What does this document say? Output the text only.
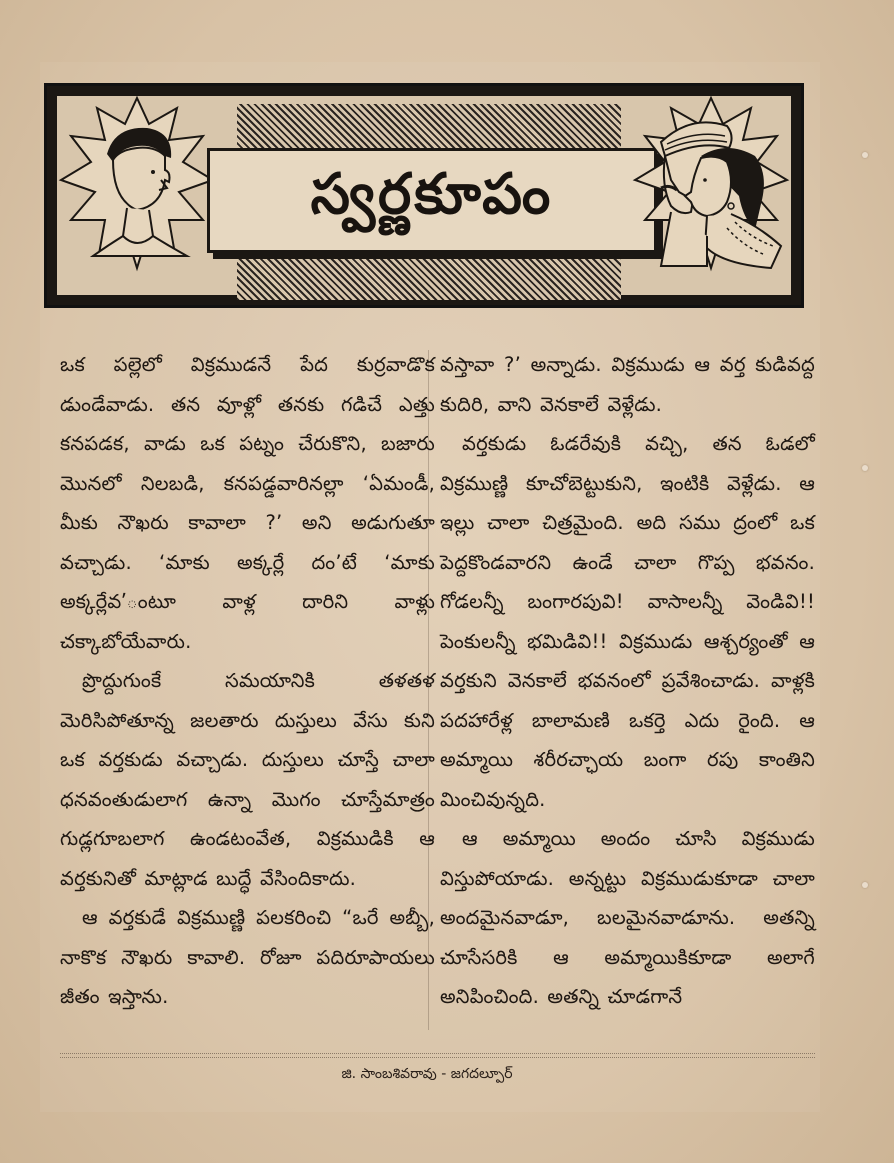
స్వర్ణకూపం

ఒక పల్లెలో విక్రముడనే పేద కుర్రవాడొక డుండేవాడు. తన వూళ్లో తనకు గడిచే ఎత్తు కనపడక, వాడు ఒక పట్నం చేరుకొని, బజారు మొనలో నిలబడి, కనపడ్డవారినల్లా ‘ఏమండీ, మీకు నౌఖరు కావాలా ?’ అని అడుగుతూ వచ్చాడు. ‘మాకు అక్కర్లే దం’టే ‘మాకు అక్కర్లేవ’ంటూ వాళ్ల దారిని వాళ్లు చక్కాబోయేవారు.

ప్రొద్దుగుంకే సమయానికి తళతళ మెరిసిపోతూన్న జలతారు దుస్తులు వేసు కుని ఒక వర్తకుడు వచ్చాడు. దుస్తులు చూస్తే చాలా ధనవంతుడులాగ ఉన్నా మొగం చూస్తేమాత్రం గుడ్లగూబలాగ ఉండటంవేత, విక్రముడికి ఆ వర్తకునితో మాట్లాడ బుద్ధే వేసిందికాదు.

ఆ వర్తకుడే విక్రముణ్ణి పలకరించి “ఒరే అబ్బీ, నాకొక నౌఖరు కావాలి. రోజూ పదిరూపాయలు జీతం ఇస్తాను.

వస్తావా ?’ అన్నాడు. విక్రముడు ఆ వర్త కుడివద్ద కుదిరి, వాని వెనకాలే వెళ్లేడు.

వర్తకుడు ఓడరేవుకి వచ్చి, తన ఓడలో విక్రముణ్ణి కూచోబెట్టుకుని, ఇంటికి వెళ్లేడు. ఆ ఇల్లు చాలా చిత్రమైంది. అది సము ద్రంలో ఒక పెద్దకొండవారని ఉండే చాలా గొప్ప భవనం. గోడలన్నీ బంగారపువి! వాసాలన్నీ వెండివి!! పెంకులన్నీ భమిడివి!! విక్రముడు ఆశ్చర్యంతో ఆ వర్తకుని వెనకాలే భవనంలో ప్రవేశించాడు. వాళ్లకి పదహారేళ్ల బాలామణి ఒకర్తె ఎదు రైంది. ఆ అమ్మాయి శరీరచ్ఛాయ బంగా రపు కాంతిని మించివున్నది.

ఆ అమ్మాయి అందం చూసి విక్రముడు విస్తుపోయాడు. అన్నట్టు విక్రముడుకూడా చాలా అందమైనవాడూ, బలమైనవాడూను. అతన్ని చూసేసరికి ఆ అమ్మాయికికూడా అలాగే అనిపించింది. అతన్ని చూడగానే

జి. సాంబశివరావు - జగదల్పూర్
